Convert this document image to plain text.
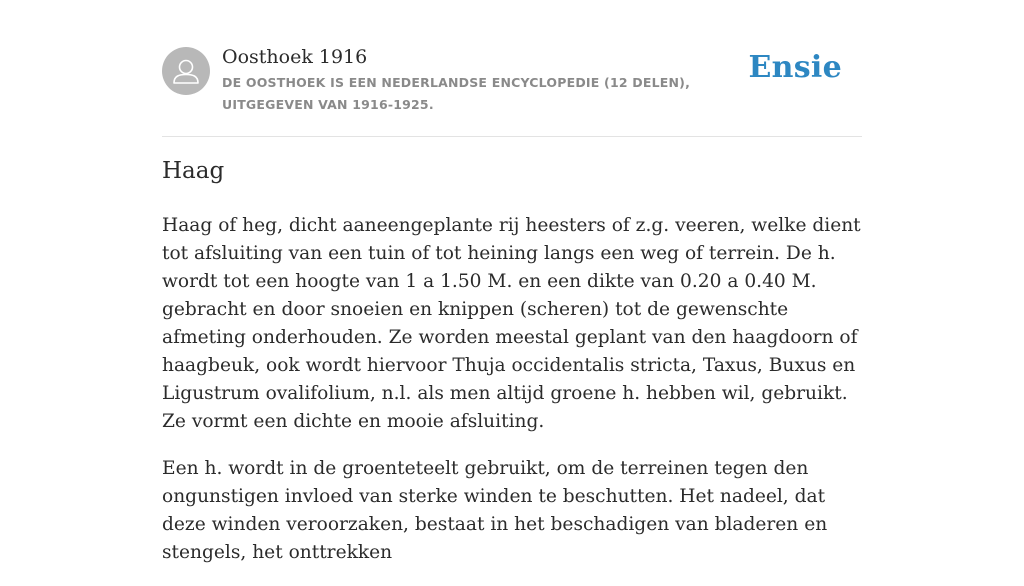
Oosthoek 1916
DE OOSTHOEK IS EEN NEDERLANDSE ENCYCLOPEDIE (12 DELEN), UITGEGEVEN VAN 1916-1925.
Ensie
Haag

Haag of heg, dicht aaneengeplante rij heesters of z.g. veeren, welke dient tot afsluiting van een tuin of tot heining langs een weg of terrein. De h. wordt tot een hoogte van 1 a 1.50 M. en een dikte van 0.20 a 0.40 M. gebracht en door snoeien en knippen (scheren) tot de gewenschte afmeting onderhouden. Ze worden meestal geplant van den haagdoorn of haagbeuk, ook wordt hiervoor Thuja occidentalis stricta, Taxus, Buxus en Ligustrum ovalifolium, n.l. als men altijd groene h. hebben wil, gebruikt. Ze vormt een dichte en mooie afsluiting.

Een h. wordt in de groenteteelt gebruikt, om de terreinen tegen den ongunstigen invloed van sterke winden te beschutten. Het nadeel, dat deze winden veroorzaken, bestaat in het beschadigen van bladeren en stengels, het onttrekken
